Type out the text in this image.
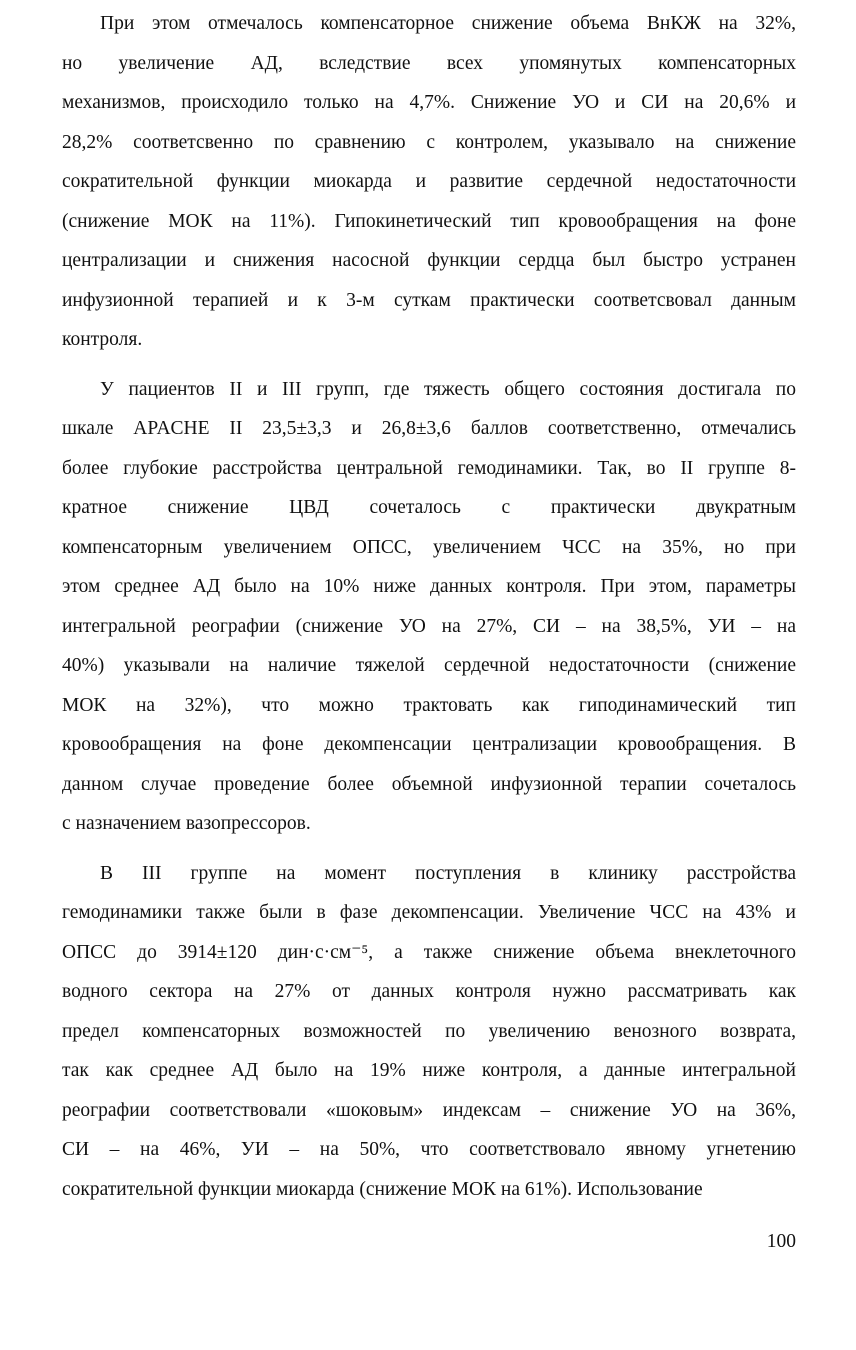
При этом отмечалось компенсаторное снижение объема ВнКЖ на 32%,
но увеличение АД, вследствие всех упомянутых компенсаторных
механизмов, происходило только на 4,7%. Снижение УО и СИ на 20,6% и
28,2% соответсвенно по сравнению с контролем, указывало на снижение
сократительной функции миокарда и развитие сердечной недостаточности
(снижение МОК на 11%). Гипокинетический тип кровообращения на фоне
централизации и снижения насосной функции сердца был быстро устранен
инфузионной терапией и к 3-м суткам практически соответсвовал данным
контроля.
У пациентов II и III групп, где тяжесть общего состояния достигала по
шкале APACHE II 23,5±3,3 и 26,8±3,6 баллов соответственно, отмечались
более глубокие расстройства центральной гемодинамики. Так, во II группе 8-
кратное снижение ЦВД сочеталось с практически двукратным
компенсаторным увеличением ОПСС, увеличением ЧСС на 35%, но при
этом среднее АД было на 10% ниже данных контроля. При этом, параметры
интегральной реографии (снижение УО на 27%, СИ – на 38,5%, УИ – на
40%) указывали на наличие тяжелой сердечной недостаточности (снижение
МОК на 32%), что можно трактовать как гиподинамический тип
кровообращения на фоне декомпенсации централизации кровообращения. В
данном случае проведение более объемной инфузионной терапии сочеталось
с назначением вазопрессоров.
В III группе на момент поступления в клинику расстройства
гемодинамики также были в фазе декомпенсации. Увеличение ЧСС на 43% и
ОПСС до 3914±120 дин·с·см⁻⁵, а также снижение объема внеклеточного
водного сектора на 27% от данных контроля нужно рассматривать как
предел компенсаторных возможностей по увеличению венозного возврата,
так как среднее АД было на 19% ниже контроля, а данные интегральной
реографии соответствовали «шоковым» индексам – снижение УО на 36%,
СИ – на 46%, УИ – на 50%, что соответствовало явному угнетению
сократительной функции миокарда (снижение МОК на 61%). Использование
100
